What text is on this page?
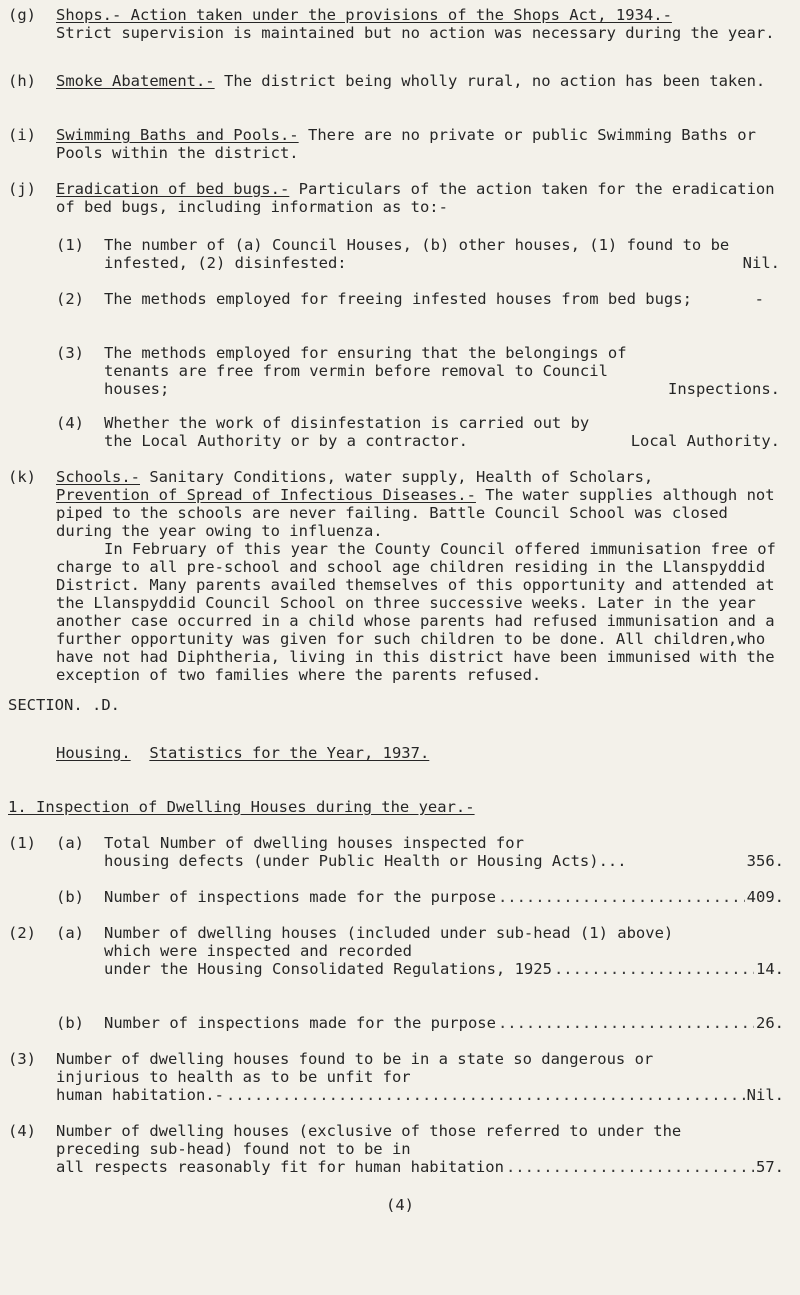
(g) Shops.- Action taken under the provisions of the Shops Act, 1934.-

Strict supervision is maintained but no action was necessary during the year.

(h) Smoke Abatement.- The district being wholly rural, no action has been taken.

(i) Swimming Baths and Pools.- There are no private or public Swimming Baths or Pools within the district.

(j) Eradication of bed bugs.- Particulars of the action taken for the eradication of bed bugs, including information as to:-

(1) The number of (a) Council Houses, (b) other houses, (1) found to be infested, (2) disinfested:	Nil.
(2) The methods employed for freeing infested houses from bed bugs;	-
(3) The methods employed for ensuring that the belongings of tenants are free from vermin before removal to Council houses;	Inspections.
(4) Whether the work of disinfestation is carried out by the Local Authority or by a contractor.	Local Authority.
(k) Schools.- Sanitary Conditions, water supply, Health of Scholars,

Prevention of Spread of Infectious Diseases.- The water supplies although not piped to the schools are never failing. Battle Council School was closed during the year owing to influenza.

In February of this year the County Council offered immunisation free of charge to all pre-school and school age children residing in the Llanspyddid District. Many parents availed themselves of this opportunity and attended at the Llanspyddid Council School on three successive weeks. Later in the year another case occurred in a child whose parents had refused immunisation and a further opportunity was given for such children to be done. All children,who have not had Diphtheria, living in this district have been immunised with the exception of two families where the parents refused.

SECTION. .D.
Housing. Statistics for the Year, 1937.
1. Inspection of Dwelling Houses during the year.-
(1) (a) Total Number of dwelling houses inspected for

housing defects (under Public Health or Housing Acts)...	356.
(b) Number of inspections made for the purpose .....	409.
(2) (a) Number of dwelling houses (included under sub-head (1) above) which were inspected and recorded

under the Housing Consolidated Regulations, 1925 .....	14.
(b) Number of inspections made for the purpose .....	26.
(3) Number of dwelling houses found to be in a state so dangerous or injurious to health as to be unfit for

human habitation.- .....	Nil.
(4) Number of dwelling houses (exclusive of those referred to under the preceding sub-head) found not to be in

all respects reasonably fit for human habitation .....	57.
(4)
